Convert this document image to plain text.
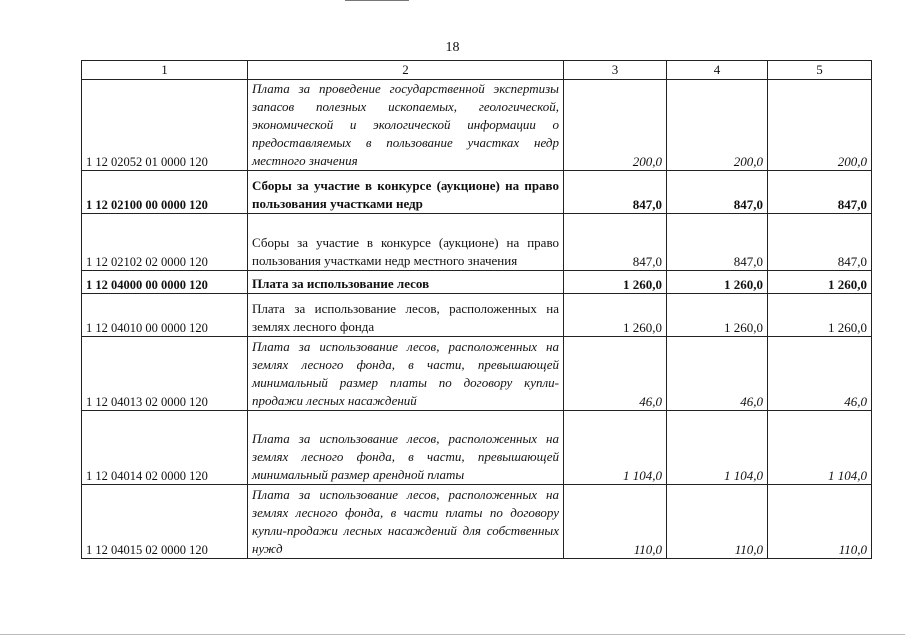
18
1	2	3	4	5
1 12 02052 01 0000 120	Плата за проведение государственной экспертизы запасов полезных ископаемых, геологической, экономической и экологической информации о предоставляемых в пользование участках недр местного значения	200,0	200,0	200,0
1 12 02100 00 0000 120	Сборы за участие в конкурсе (аукционе) на право пользования участками недр	847,0	847,0	847,0
1 12 02102 02 0000 120	Сборы за участие в конкурсе (аукционе) на право пользования участками недр местного значения	847,0	847,0	847,0
1 12 04000 00 0000 120	Плата за использование лесов	1 260,0	1 260,0	1 260,0
1 12 04010 00 0000 120	Плата за использование лесов, расположенных на землях лесного фонда	1 260,0	1 260,0	1 260,0
1 12 04013 02 0000 120	Плата за использование лесов, расположенных на землях лесного фонда, в части, превышающей минимальный размер платы по договору купли-продажи лесных насаждений	46,0	46,0	46,0
1 12 04014 02 0000 120	Плата за использование лесов, расположенных на землях лесного фонда, в части, превышающей минимальный размер арендной платы	1 104,0	1 104,0	1 104,0
1 12 04015 02 0000 120	Плата за использование лесов, расположенных на землях лесного фонда, в части платы по договору купли-продажи лесных насаждений для собственных нужд	110,0	110,0	110,0
